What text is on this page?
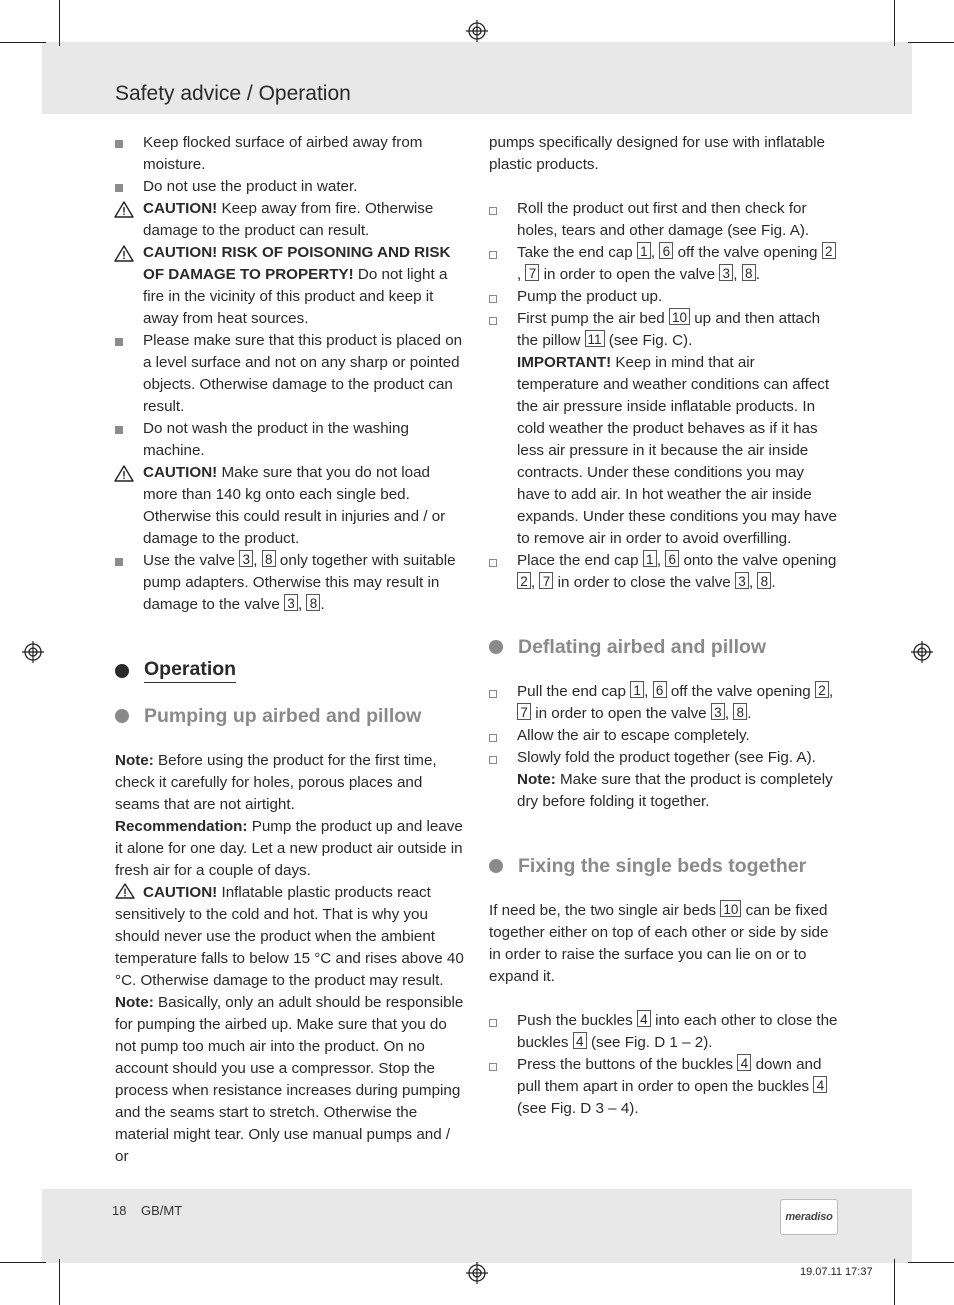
Safety advice / Operation
Keep flocked surface of airbed away from moisture.
Do not use the product in water.
CAUTION! Keep away from fire. Otherwise damage to the product can result.
CAUTION! RISK OF POISONING AND RISK OF DAMAGE TO PROPERTY! Do not light a fire in the vicinity of this product and keep it away from heat sources.
Please make sure that this product is placed on a level surface and not on any sharp or pointed objects. Otherwise damage to the product can result.
Do not wash the product in the washing machine.
CAUTION! Make sure that you do not load more than 140 kg onto each single bed. Otherwise this could result in injuries and / or damage to the product.
Use the valve 3 , 8 only together with suitable pump adapters. Otherwise this may result in damage to the valve 3 , 8 .
Operation
Pumping up airbed and pillow

Note: Before using the product for the first time, check it carefully for holes, porous places and seams that are not airtight.

Recommendation: Pump the product up and leave it alone for one day. Let a new product air outside in fresh air for a couple of days.

CAUTION! Inflatable plastic products react sensitively to the cold and hot. That is why you should never use the product when the ambient temperature falls to below 15 °C and rises above 40 °C. Otherwise damage to the product may result.

Note: Basically, only an adult should be responsible for pumping the airbed up. Make sure that you do not pump too much air into the product. On no account should you use a compressor. Stop the process when resistance increases during pumping and the seams start to stretch. Otherwise the material might tear. Only use manual pumps and / or

pumps specifically designed for use with inflatable plastic products.

Roll the product out first and then check for holes, tears and other damage (see Fig. A).
Take the end cap 1 , 6 off the valve opening 2, 7 in order to open the valve 3 , 8 .
Pump the product up.
First pump the air bed 10 up and then attach the pillow 11 (see Fig. C).
IMPORTANT! Keep in mind that air temperature and weather conditions can affect the air pressure inside inflatable products. In cold weather the product behaves as if it has less air pressure in it because the air inside contracts. Under these conditions you may have to add air. In hot weather the air inside expands. Under these conditions you may have to remove air in order to avoid overfilling.
Place the end cap 1 , 6 onto the valve opening 2 , 7 in order to close the valve 3 , 8 .
Deflating airbed and pillow
Pull the end cap 1 , 6 off the valve opening 2 , 7 in order to open the valve 3 , 8 .
Allow the air to escape completely.
Slowly fold the product together (see Fig. A).
Note: Make sure that the product is completely dry before folding it together.
Fixing the single beds together

If need be, the two single air beds 10 can be fixed together either on top of each other or side by side in order to raise the surface you can lie on or to expand it.

Push the buckles 4 into each other to close the buckles 4 (see Fig. D 1 – 2).
Press the buttons of the buckles 4 down and pull them apart in order to open the buckles 4 (see Fig. D 3 – 4).
18 GB/MT	meradiso
19.07.11 17:37
